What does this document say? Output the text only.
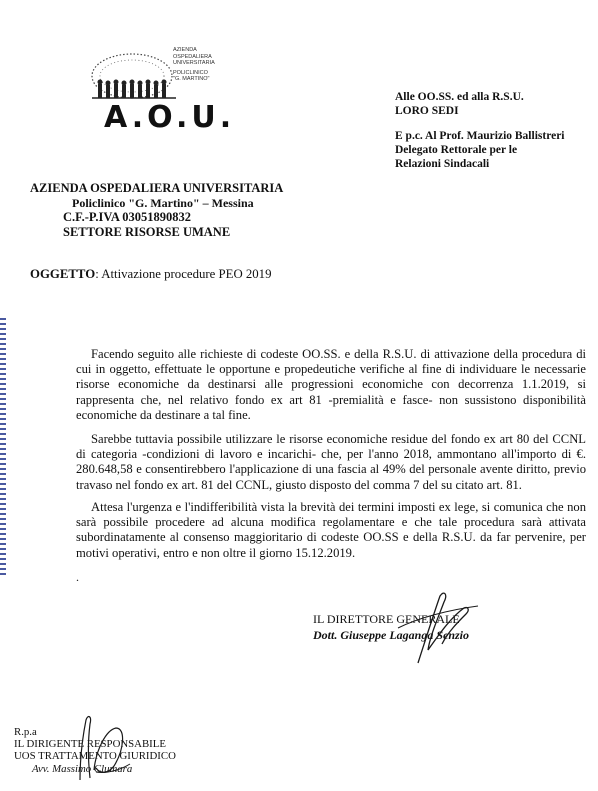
AZIENDA
OSPEDALIERA
UNIVERSITARIA
POLICLINICO
"G. MARTINO"
A.O.U.
Alle OO.SS. ed alla R.S.U.
LORO SEDI
E p.c. Al Prof. Maurizio Ballistreri
Delegato Rettorale per le
Relazioni Sindacali
AZIENDA OSPEDALIERA UNIVERSITARIA
Policlinico "G. Martino" – Messina
C.F.-P.IVA 03051890832
SETTORE RISORSE UMANE
OGGETTO: Attivazione procedure PEO 2019
Facendo seguito alle richieste di codeste OO.SS. e della R.S.U. di attivazione della procedura di cui in oggetto, effettuate le opportune e propedeutiche verifiche al fine di individuare le necessarie risorse economiche da destinarsi alle progressioni economiche con decorrenza 1.1.2019, si rappresenta che, nel relativo fondo ex art 81 -premialità e fasce- non sussistono disponibilità economiche da destinare a tal fine.
Sarebbe tuttavia possibile utilizzare le risorse economiche residue del fondo ex art 80 del CCNL di categoria -condizioni di lavoro e incarichi- che, per l'anno 2018, ammontano all'importo di €. 280.648,58 e consentirebbero l'applicazione di una fascia al 49% del personale avente diritto, previo travaso nel fondo ex art. 81 del CCNL, giusto disposto del comma 7 del su citato art. 81.
Attesa l'urgenza e l'indifferibilità vista la brevità dei termini imposti ex lege, si comunica che non sarà possibile procedere ad alcuna modifica regolamentare e che tale procedura sarà attivata subordinatamente al consenso maggioritario di codeste OO.SS e della R.S.U. da far pervenire, per motivi operativi, entro e non oltre il giorno 15.12.2019.
.
IL DIRETTORE GENERALE
Dott. Giuseppe Laganga Senzio
R.p.a
IL DIRIGENTE RESPONSABILE
UOS TRATTAMENTO GIURIDICO
Avv. Massimo Clumara
